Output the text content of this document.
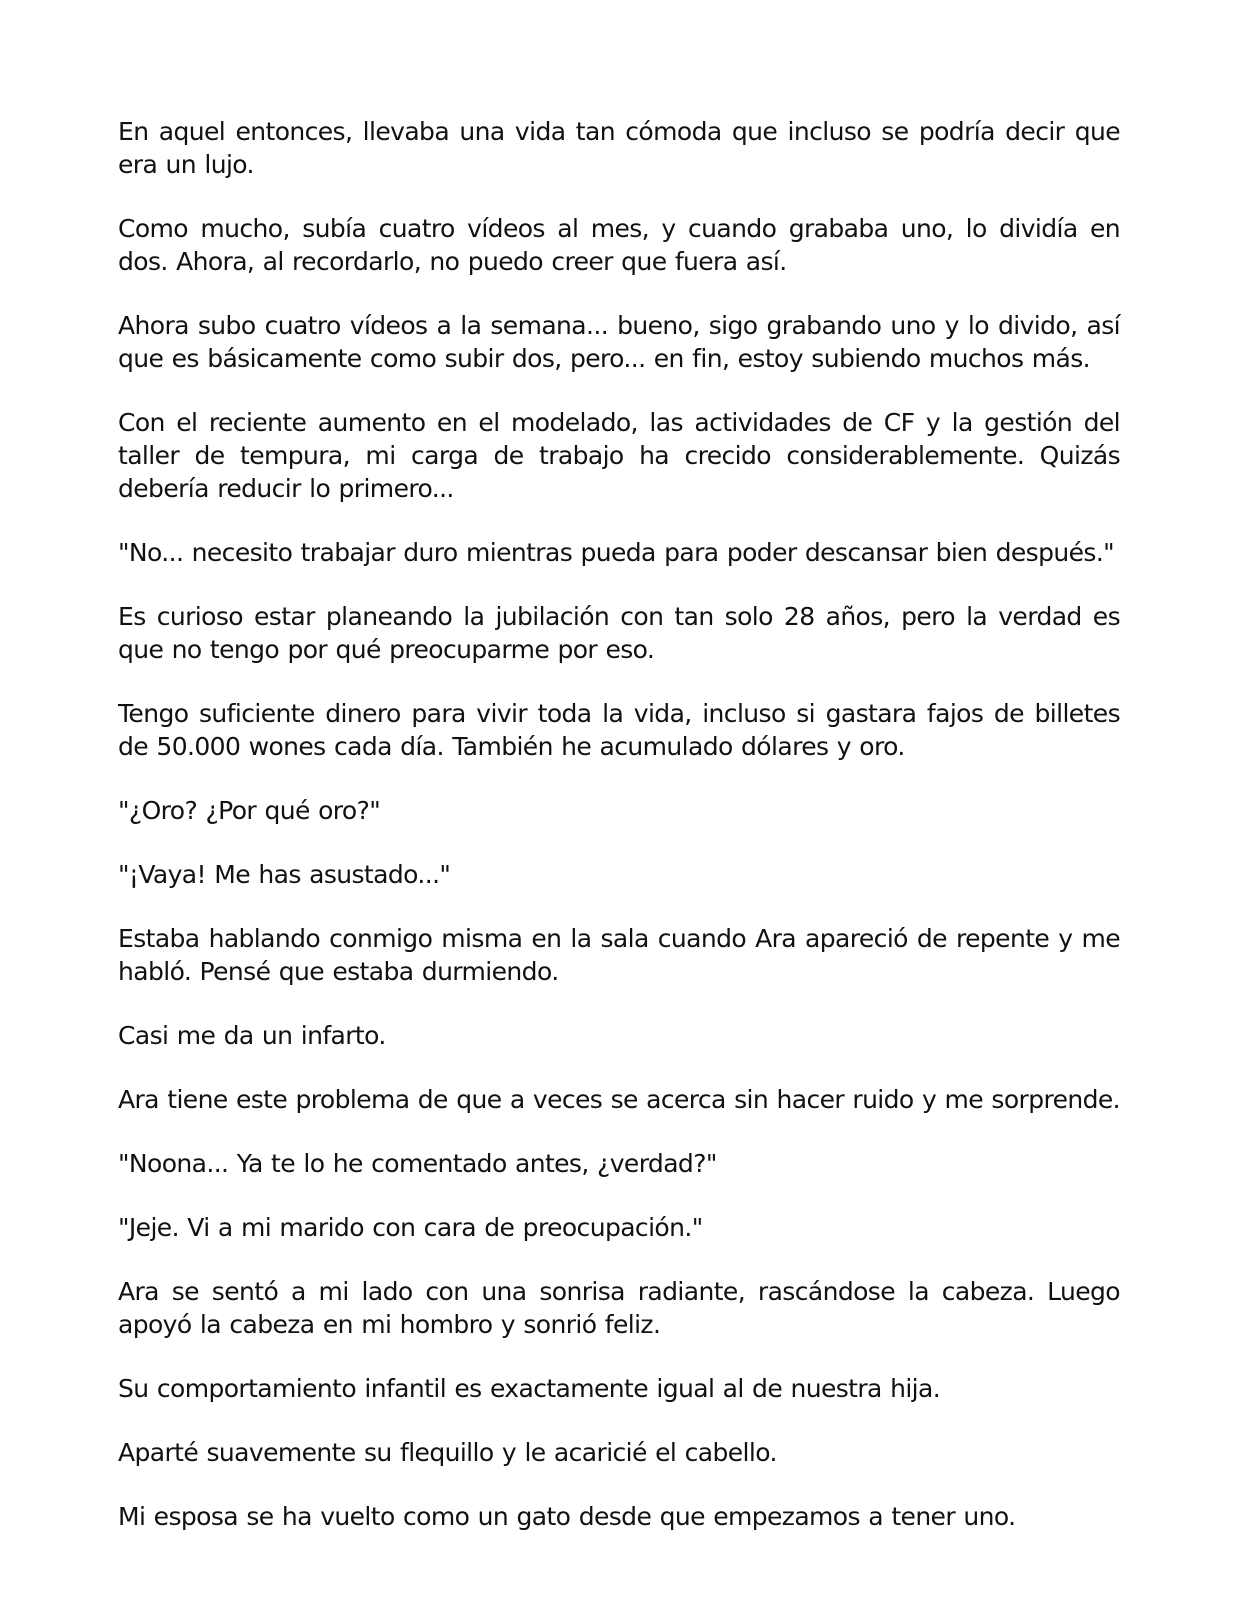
En aquel entonces, llevaba una vida tan cómoda que incluso se podría decir que era un lujo.

Como mucho, subía cuatro vídeos al mes, y cuando grababa uno, lo dividía en dos. Ahora, al recordarlo, no puedo creer que fuera así.

Ahora subo cuatro vídeos a la semana... bueno, sigo grabando uno y lo divido, así que es básicamente como subir dos, pero... en fin, estoy subiendo muchos más.

Con el reciente aumento en el modelado, las actividades de CF y la gestión del taller de tempura, mi carga de trabajo ha crecido considerablemente. Quizás debería reducir lo primero...

"No... necesito trabajar duro mientras pueda para poder descansar bien después."

Es curioso estar planeando la jubilación con tan solo 28 años, pero la verdad es que no tengo por qué preocuparme por eso.

Tengo suficiente dinero para vivir toda la vida, incluso si gastara fajos de billetes de 50.000 wones cada día. También he acumulado dólares y oro.

"¿Oro? ¿Por qué oro?"

"¡Vaya! Me has asustado..."

Estaba hablando conmigo misma en la sala cuando Ara apareció de repente y me habló. Pensé que estaba durmiendo.

Casi me da un infarto.

Ara tiene este problema de que a veces se acerca sin hacer ruido y me sorprende.

"Noona... Ya te lo he comentado antes, ¿verdad?"

"Jeje. Vi a mi marido con cara de preocupación."

Ara se sentó a mi lado con una sonrisa radiante, rascándose la cabeza. Luego apoyó la cabeza en mi hombro y sonrió feliz.

Su comportamiento infantil es exactamente igual al de nuestra hija.

Aparté suavemente su flequillo y le acaricié el cabello.

Mi esposa se ha vuelto como un gato desde que empezamos a tener uno.
